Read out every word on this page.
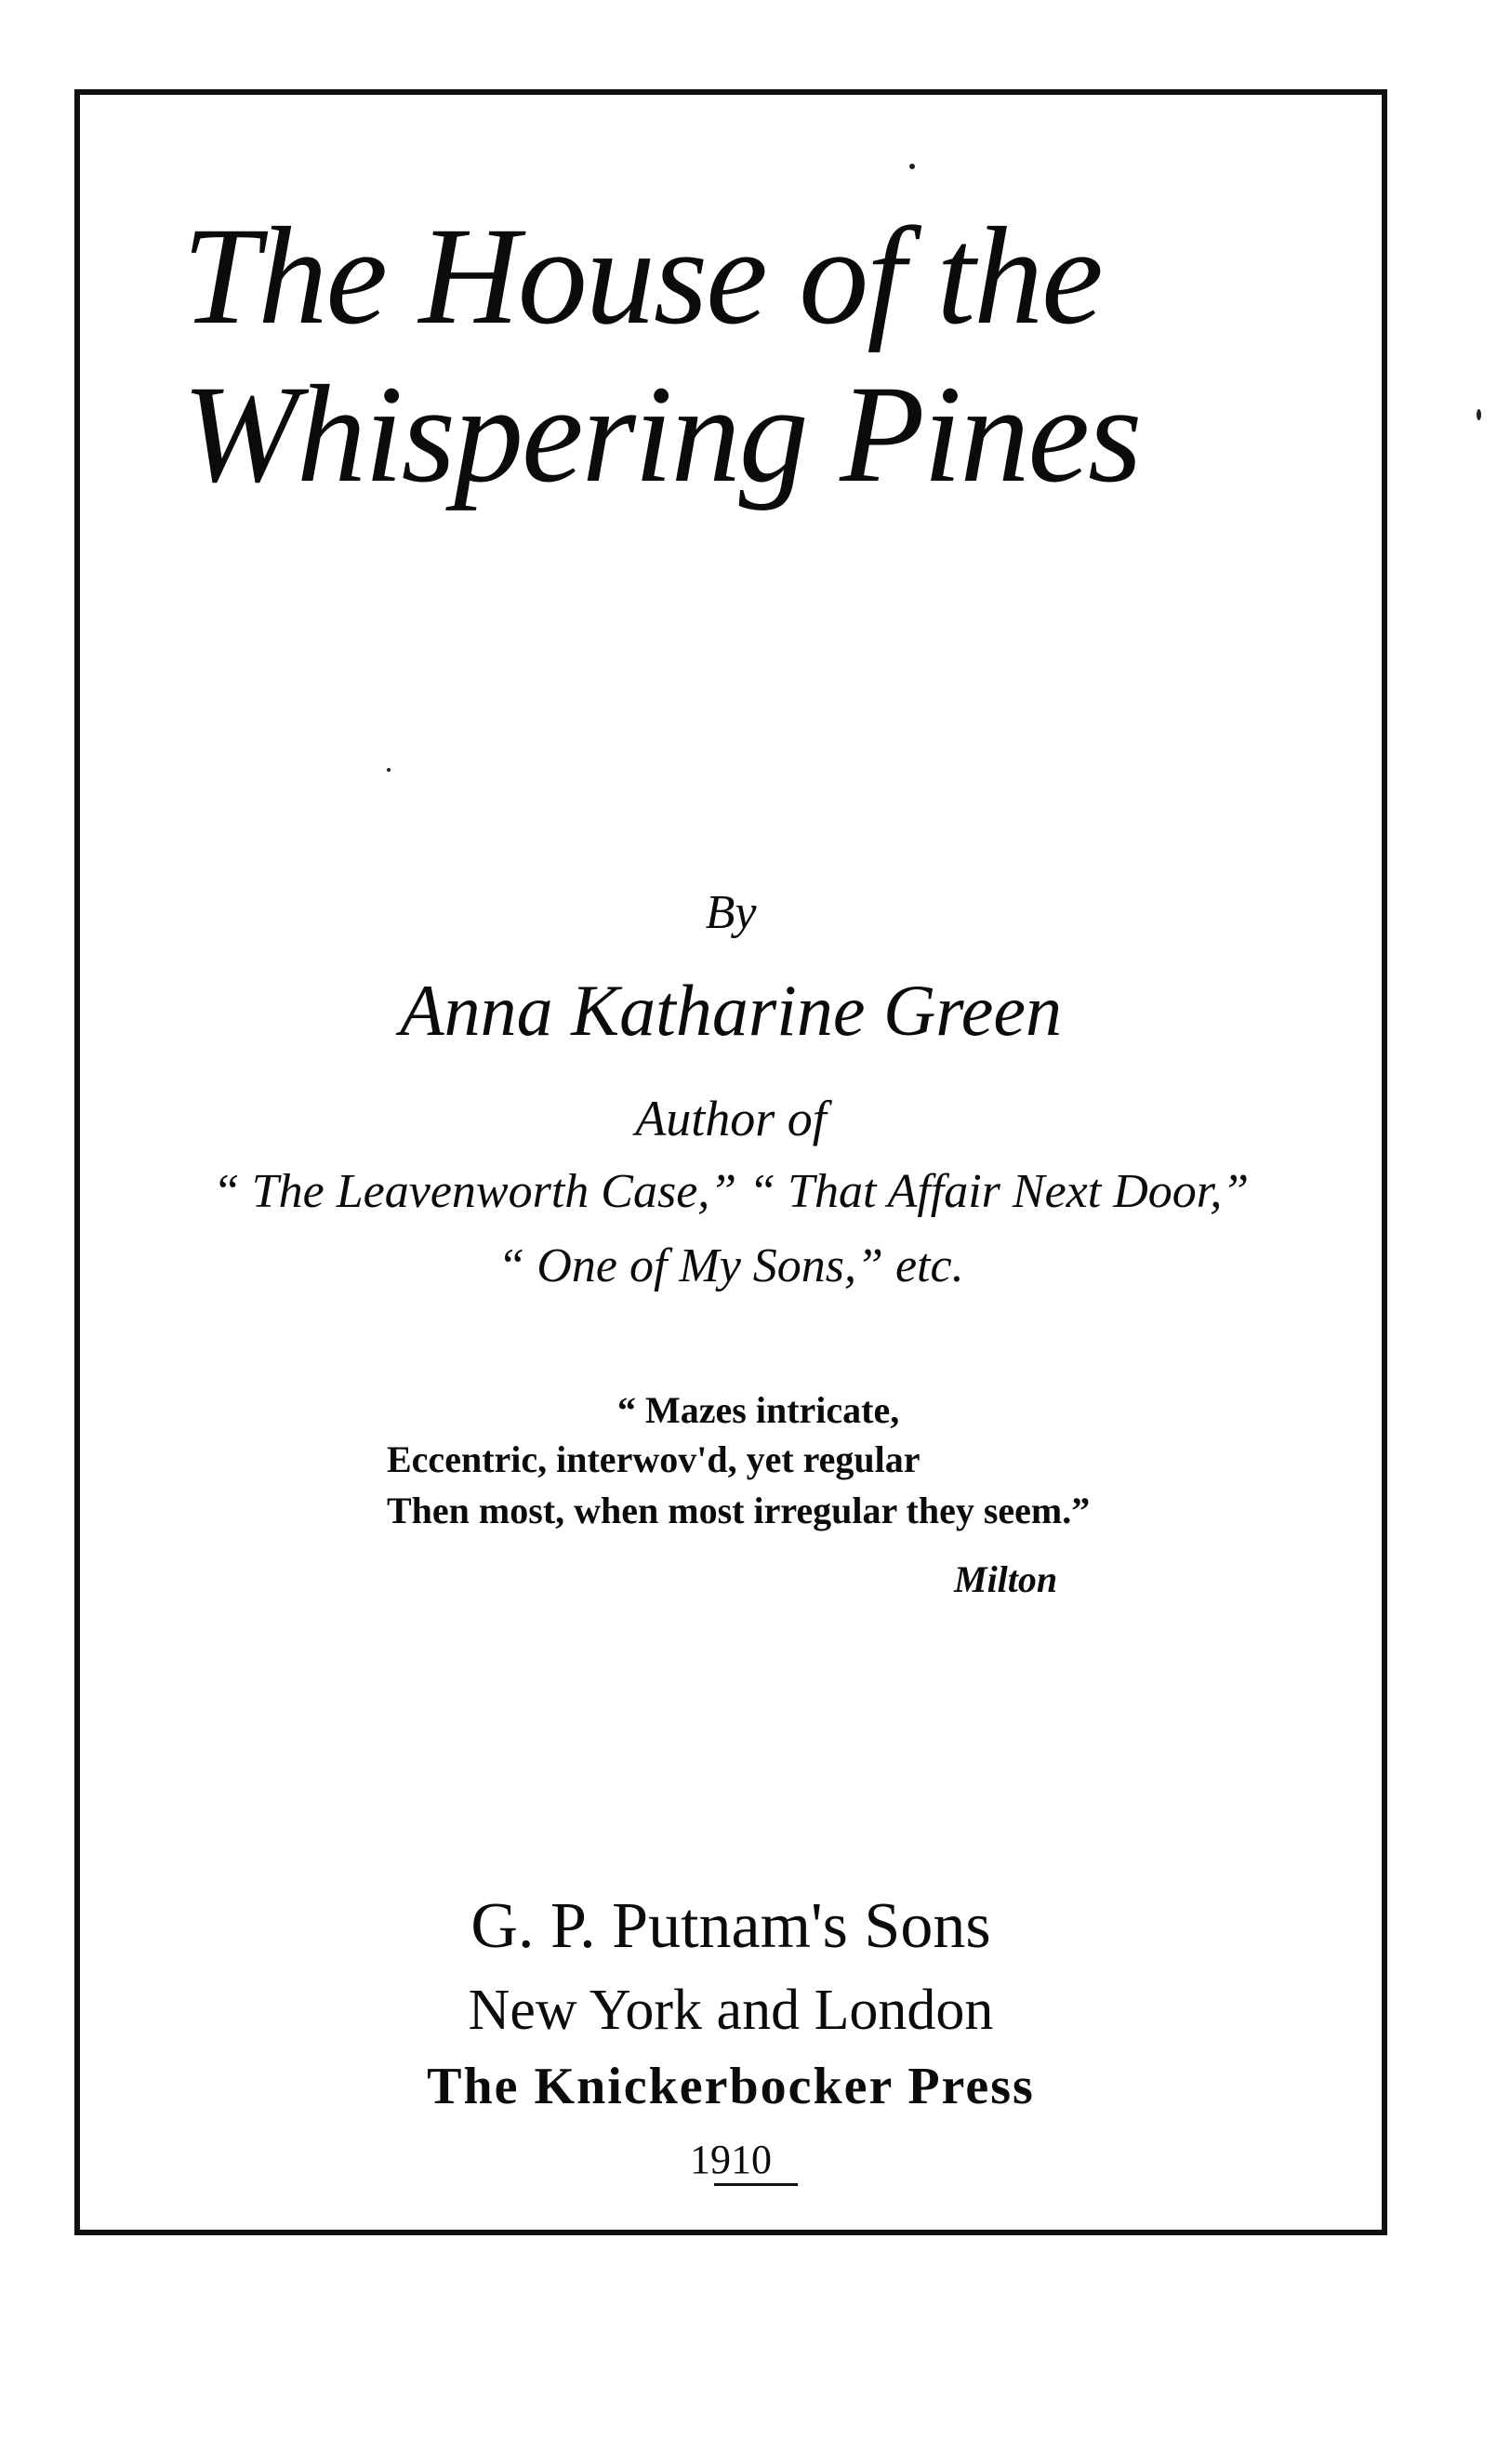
The House of the
Whispering Pines
By
Anna Katharine Green
Author of
“ The Leavenworth Case,” “ That Affair Next Door,”
“ One of My Sons,” etc.
“ Mazes intricate,
Eccentric, interwov'd, yet regular
Then most, when most irregular they seem.”
Milton
G. P. Putnam's Sons
New York and London
The Knickerbocker Press
1910
